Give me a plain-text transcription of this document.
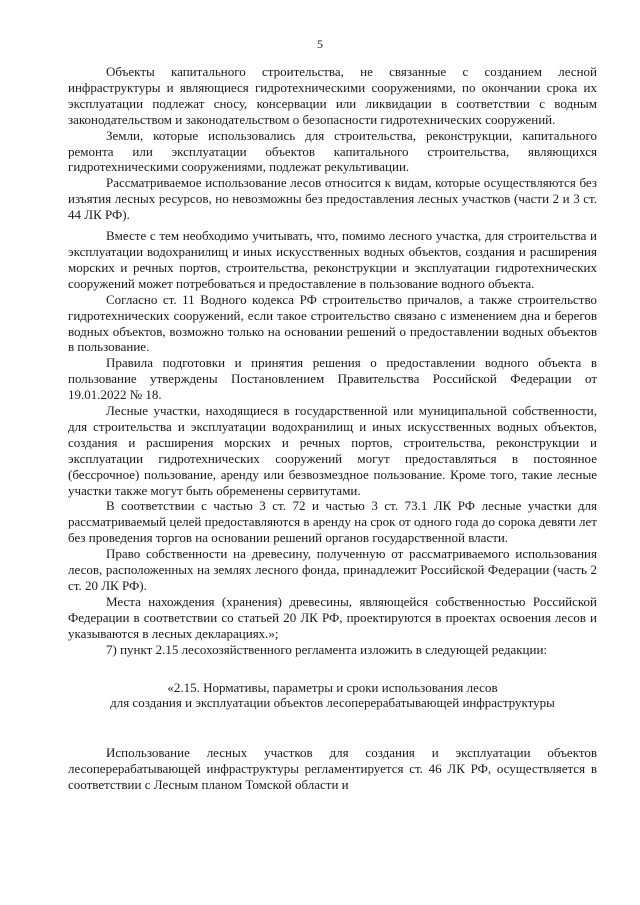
5

Объекты капитального строительства, не связанные с созданием лесной инфраструктуры и являющиеся гидротехническими сооружениями, по окончании срока их эксплуатации подлежат сносу, консервации или ликвидации в соответствии с водным законодательством и законодательством о безопасности гидротехнических сооружений.

Земли, которые использовались для строительства, реконструкции, капитального ремонта или эксплуатации объектов капитального строительства, являющихся гидротехническими сооружениями, подлежат рекультивации.

Рассматриваемое использование лесов относится к видам, которые осуществляются без изъятия лесных ресурсов, но невозможны без предоставления лесных участков (части 2 и 3 ст. 44 ЛК РФ).

Вместе с тем необходимо учитывать, что, помимо лесного участка, для строительства и эксплуатации водохранилищ и иных искусственных водных объектов, создания и расширения морских и речных портов, строительства, реконструкции и эксплуатации гидротехнических сооружений может потребоваться и предоставление в пользование водного объекта.

Согласно ст. 11 Водного кодекса РФ строительство причалов, а также строительство гидротехнических сооружений, если такое строительство связано с изменением дна и берегов водных объектов, возможно только на основании решений о предоставлении водных объектов в пользование.

Правила подготовки и принятия решения о предоставлении водного объекта в пользование утверждены Постановлением Правительства Российской Федерации от 19.01.2022 № 18.

Лесные участки, находящиеся в государственной или муниципальной собственности, для строительства и эксплуатации водохранилищ и иных искусственных водных объектов, создания и расширения морских и речных портов, строительства, реконструкции и эксплуатации гидротехнических сооружений могут предоставляться в постоянное (бессрочное) пользование, аренду или безвозмездное пользование. Кроме того, такие лесные участки также могут быть обременены сервитутами.

В соответствии с частью 3 ст. 72 и частью 3 ст. 73.1 ЛК РФ лесные участки для рассматриваемый целей предоставляются в аренду на срок от одного года до сорока девяти лет без проведения торгов на основании решений органов государственной власти.

Право собственности на древесину, полученную от рассматриваемого использования лесов, расположенных на землях лесного фонда, принадлежит Российской Федерации (часть 2 ст. 20 ЛК РФ).

Места нахождения (хранения) древесины, являющейся собственностью Российской Федерации в соответствии со статьей 20 ЛК РФ, проектируются в проектах освоения лесов и указываются в лесных декларациях.»;

7) пункт 2.15 лесохозяйственного регламента изложить в следующей редакции:

«2.15. Нормативы, параметры и сроки использования лесов

для создания и эксплуатации объектов лесоперерабатывающей инфраструктуры

Использование лесных участков для создания и эксплуатации объектов лесоперерабатывающей инфраструктуры регламентируется ст. 46 ЛК РФ, осуществляется в соответствии с Лесным планом Томской области и
